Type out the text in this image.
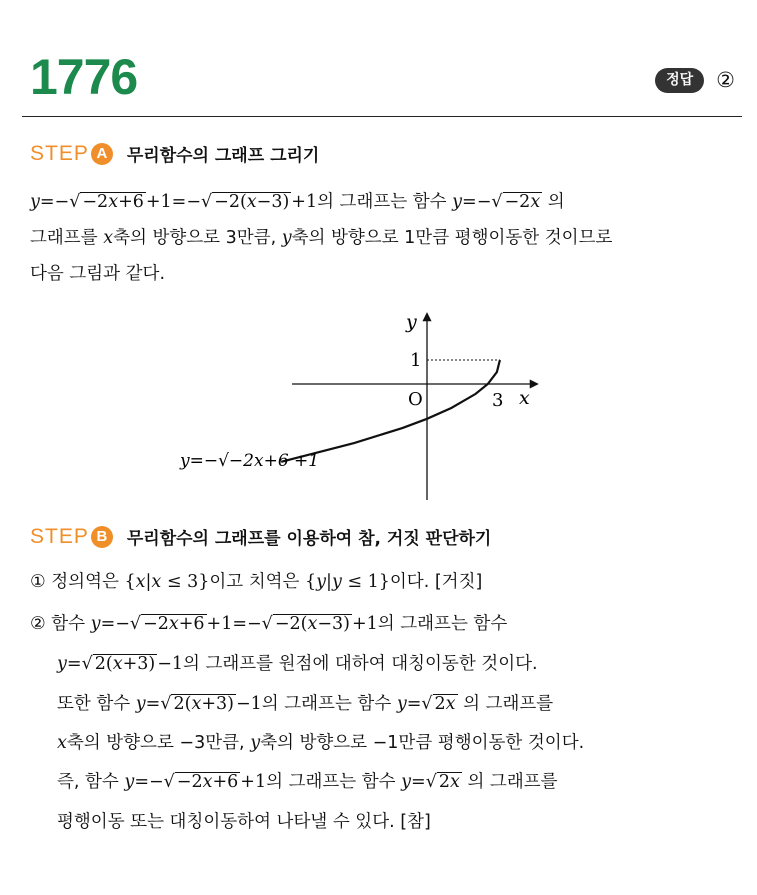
1776	정답	②
STEP A	무리함수의 그래프 그리기
y=−√ −2x+6 +1=−√ −2(x−3) +1의 그래프는 함수 y=−√ −2x 의
그래프를 x축의 방향으로 3만큼, y축의 방향으로 1만큼 평행이동한 것이므로
다음 그림과 같다.
y
x
O
1
3
y=−√−2x+6 +1
STEP B	무리함수의 그래프를 이용하여 참, 거짓 판단하기
① 정의역은 {x|x ≤ 3}이고 치역은 {y|y ≤ 1}이다. [거짓]
② 함수 y=−√ −2x+6 +1=−√ −2(x−3) +1의 그래프는 함수
y=√ 2(x+3) −1의 그래프를 원점에 대하여 대칭이동한 것이다.
또한 함수 y=√ 2(x+3) −1의 그래프는 함수 y=√ 2x 의 그래프를
x축의 방향으로 −3만큼, y축의 방향으로 −1만큼 평행이동한 것이다.
즉, 함수 y=−√ −2x+6 +1의 그래프는 함수 y=√ 2x 의 그래프를
평행이동 또는 대칭이동하여 나타낼 수 있다. [참]
